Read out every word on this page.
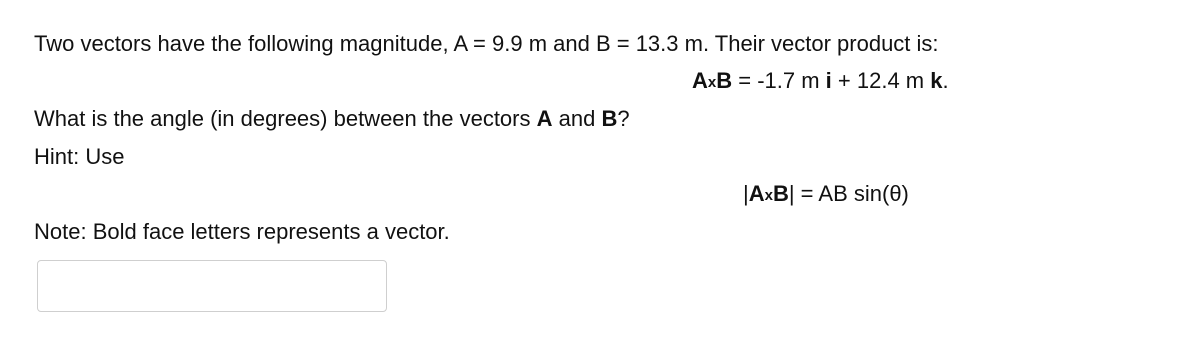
Two vectors have the following magnitude, A = 9.9 m and B = 13.3 m. Their vector product is:
AxB = -1.7 m i + 12.4 m k.
What is the angle (in degrees) between the vectors A and B?
Hint: Use
|AxB| = AB sin(θ)
Note: Bold face letters represents a vector.
